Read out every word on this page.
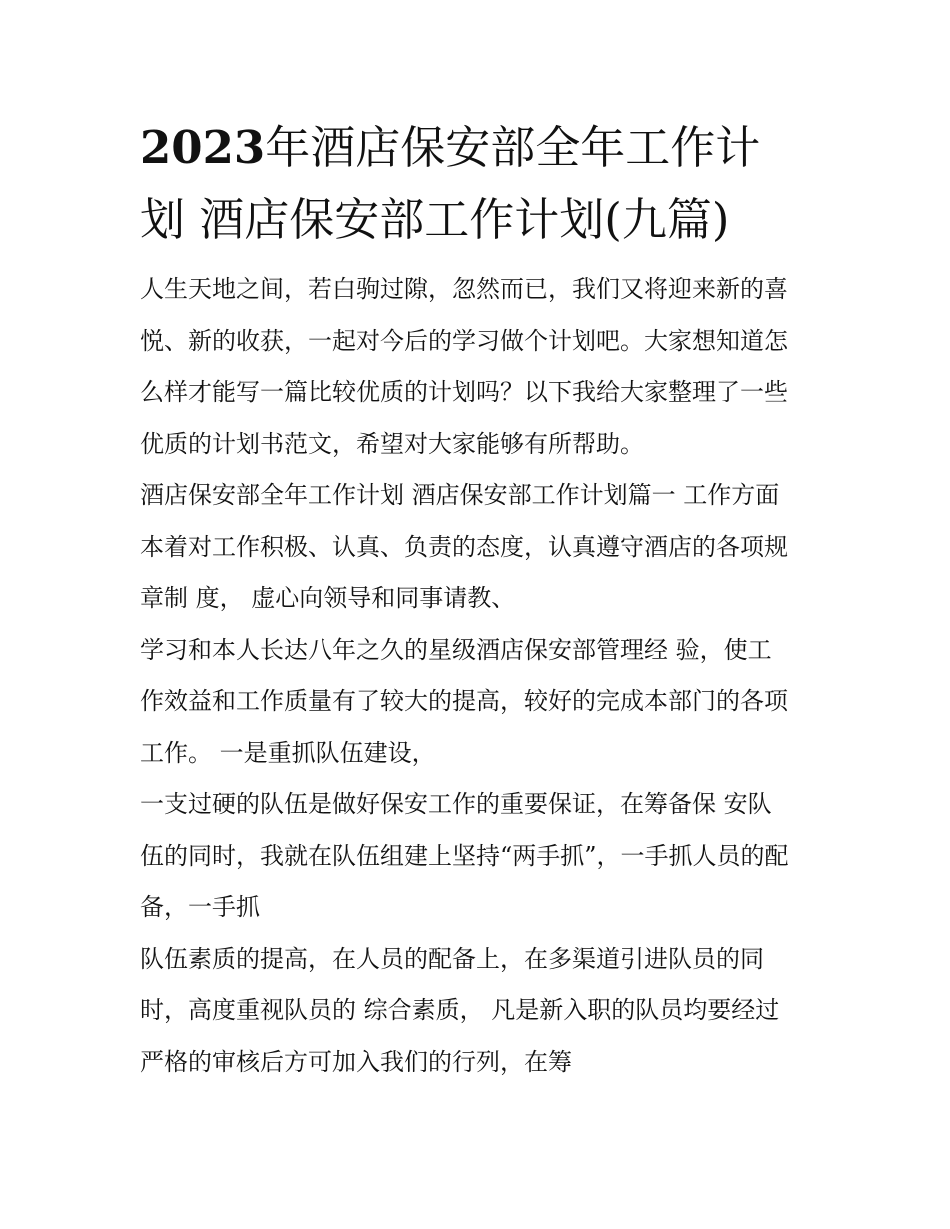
2023年酒店保安部全年工作计
划 酒店保安部工作计划(九篇)

人生天地之间，若白驹过隙，忽然而已，我们又将迎来新的喜
悦、新的收获，一起对今后的学习做个计划吧。大家想知道怎
么样才能写一篇比较优质的计划吗？以下我给大家整理了一些
优质的计划书范文，希望对大家能够有所帮助。

酒店保安部全年工作计划 酒店保安部工作计划篇一 工作方面
本着对工作积极、认真、负责的态度，认真遵守酒店的各项规
章制 度， 虚心向领导和同事请教、

学习和本人长达八年之久的星级酒店保安部管理经 验，使工
作效益和工作质量有了较大的提高，较好的完成本部门的各项
工作。 一是重抓队伍建设，

一支过硬的队伍是做好保安工作的重要保证，在筹备保 安队
伍的同时，我就在队伍组建上坚持“两手抓”，一手抓人员的配
备，一手抓

队伍素质的提高，在人员的配备上，在多渠道引进队员的同
时，高度重视队员的 综合素质， 凡是新入职的队员均要经过
严格的审核后方可加入我们的行列，在筹
